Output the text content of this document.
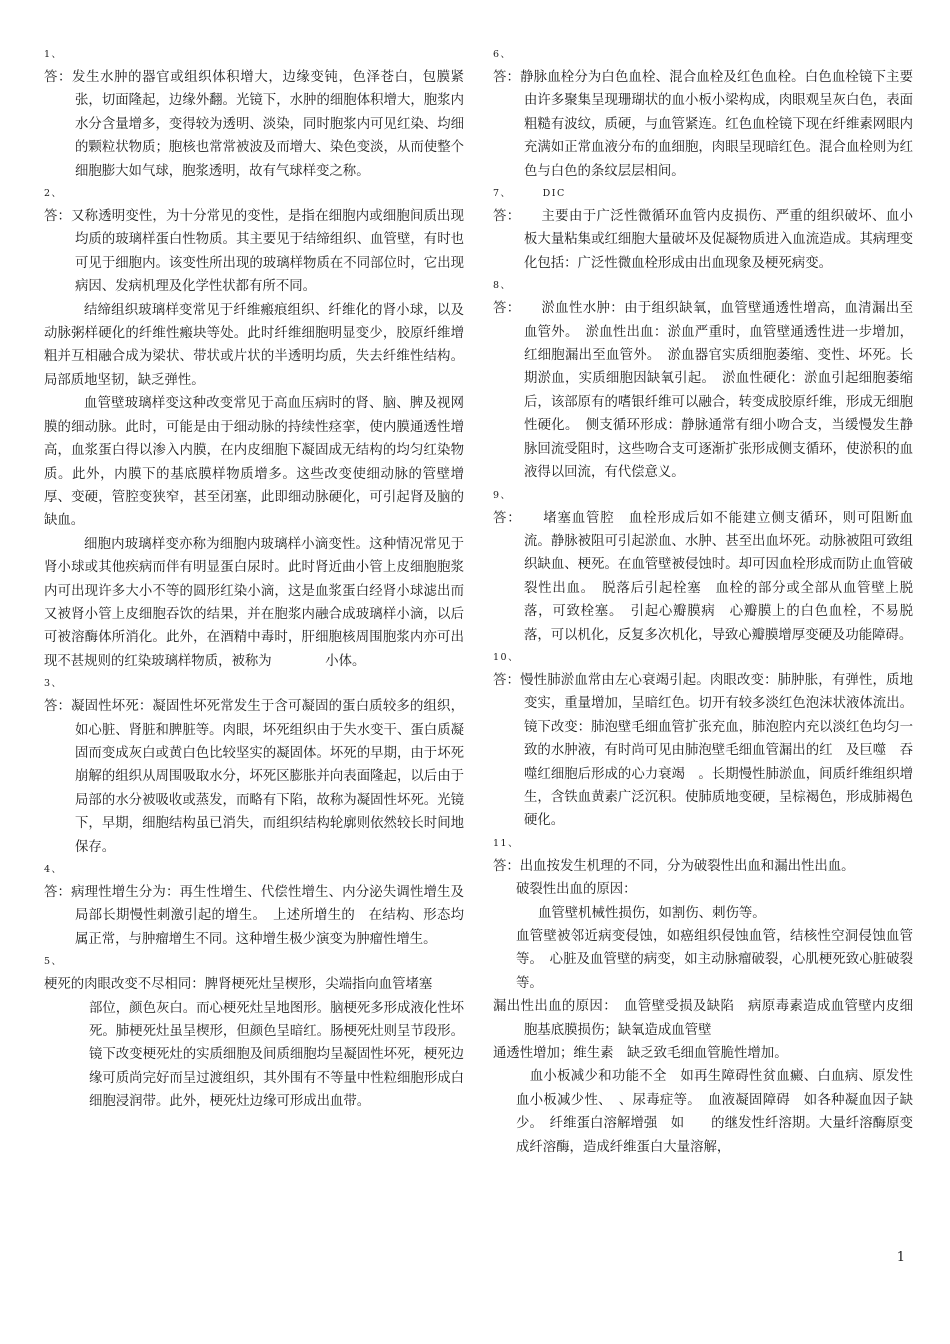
1、 　　　　　　　　　　

答：发生水肿的器官或组织体积增大，边缘变钝，色泽苍白，包膜紧张，切面隆起，边缘外翻。光镜下，水肿的细胞体积增大，胞浆内水分含量增多，变得较为透明、淡染，同时胞浆内可见红染、均细的颗粒状物质；胞核也常常被波及而增大、染色变淡，从而使整个细胞膨大如气球，胞浆透明，故有气球样变之称。

2、　　　　　　　　　　　　　　　　　　　　　　　　　　　

答：又称透明变性，为十分常见的变性，是指在细胞内或细胞间质出现均质的玻璃样蛋白性物质。其主要见于结缔组织、血管壁，有时也可见于细胞内。该变性所出现的玻璃样物质在不同部位时，它出现病因、发病机理及化学性状都有所不同。

结缔组织玻璃样变常见于纤维瘢痕组织、纤维化的肾小球，以及动脉粥样硬化的纤维性瘢块等处。此时纤维细胞明显变少，胶原纤维增粗并互相融合成为梁状、带状或片状的半透明均质，失去纤维性结构。局部质地坚韧，缺乏弹性。

血管壁玻璃样变这种改变常见于高血压病时的肾、脑、脾及视网膜的细动脉。此时，可能是由于细动脉的持续性痉挛，使内膜通透性增高，血浆蛋白得以渗入内膜，在内皮细胞下凝固成无结构的均匀红染物质。此外，内膜下的基底膜样物质增多。这些改变使细动脉的管壁增厚、变硬，管腔变狭窄，甚至闭塞，此即细动脉硬化，可引起肾及脑的缺血。

细胞内玻璃样变亦称为细胞内玻璃样小滴变性。这种情况常见于肾小球或其他疾病而伴有明显蛋白尿时。此时肾近曲小管上皮细胞胞浆内可出现许多大小不等的圆形红染小滴，这是血浆蛋白经肾小球滤出而又被肾小管上皮细胞吞饮的结果，并在胞浆内融合成玻璃样小滴，以后可被溶酶体所消化。此外，在酒精中毒时，肝细胞核周围胞浆内亦可出现不甚规则的红染玻璃样物质，被称为　　　　小体。

3、 　　　　　　　　　　　　　　　　　

答：凝固性坏死：凝固性坏死常发生于含可凝固的蛋白质较多的组织，如心脏、肾脏和脾脏等。肉眼，坏死组织由于失水变干、蛋白质凝固而变成灰白或黄白色比较坚实的凝固体。坏死的早期，由于坏死崩解的组织从周围吸取水分，坏死区膨胀并向表面隆起，以后由于局部的水分被吸收或蒸发，而略有下陷，故称为凝固性坏死。光镜下，早期，细胞结构虽已消失，而组织结构轮廓则依然较长时间地保存。

4、 　　　　　　　　　　　　　

答：病理性增生分为：再生性增生、代偿性增生、内分泌失调性增生及局部长期慢性刺激引起的增生。　上述所增生的　在结构、形态均属正常，与肿瘤增生不同。这种增生极少演变为肿瘤性增生。

5、 　　　　　　　　

梗死的肉眼改变不尽相同：脾肾梗死灶呈楔形，尖端指向血管堵塞

部位，颜色灰白。而心梗死灶呈地图形。脑梗死多形成液化性坏死。肺梗死灶虽呈楔形，但颜色呈暗红。肠梗死灶则呈节段形。镜下改变梗死灶的实质细胞及间质细胞均呈凝固性坏死，梗死边缘可质尚完好而呈过渡组织，其外围有不等量中性粒细胞形成白细胞浸润带。此外，梗死灶边缘可形成出血带。

6、 　　　　　　　　　　　　　　　

答：静脉血栓分为白色血栓、混合血栓及红色血栓。白色血栓镜下主要由许多聚集呈现珊瑚状的血小板小梁构成，肉眼观呈灰白色，表面粗糙有波纹，质硬，与血管紧连。红色血栓镜下现在纤维素网眼内充满如正常血液分布的血细胞，肉眼呈现暗红色。混合血栓则为红色与白色的条纹层层相间。

7、 　　 DIC　　　　　　　　　

答：　　主要由于广泛性微循环血管内皮损伤、严重的组织破坏、血小板大量粘集或红细胞大量破坏及促凝物质进入血流造成。其病理变化包括：广泛性微血栓形成由出血现象及梗死病变。

8、 　　　　　　　　　　　　　　　

答：　　淤血性水肿：由于组织缺氧，血管壁通透性增高，血清漏出至血管外。　淤血性出血：淤血严重时，血管壁通透性进一步增加，红细胞漏出至血管外。　淤血器官实质细胞萎缩、变性、坏死。长期淤血，实质细胞因缺氧引起。　淤血性硬化：淤血引起细胞萎缩后，该部原有的嗜银纤维可以融合，转变成胶原纤维，形成无细胞性硬化。　侧支循环形成：静脉通常有细小吻合支，当缓慢发生静脉回流受阻时，这些吻合支可逐渐扩张形成侧支循环，使淤积的血液得以回流，有代偿意义。

9、 　　　　　　　　　　　　　

答：　　堵塞血管腔　血栓形成后如不能建立侧支循环，则可阻断血流。静脉被阻可引起淤血、水肿、甚至出血坏死。动脉被阻可致组织缺血、梗死。在血管壁被侵蚀时。却可因血栓形成而防止血管破裂性出血。　脱落后引起栓塞　血栓的部分或全部从血管壁上脱落，可致栓塞。　引起心瓣膜病　心瓣膜上的白色血栓，不易脱落，可以机化，反复多次机化，导致心瓣膜增厚变硬及功能障碍。

10、 　　　　　　　　　　　　　　

答：慢性肺淤血常由左心衰竭引起。肉眼改变：肺肿胀，有弹性，质地变实，重量增加，呈暗红色。切开有较多淡红色泡沫状液体流出。镜下改变：肺泡壁毛细血管扩张充血，肺泡腔内充以淡红色均匀一致的水肿液，有时尚可见由肺泡壁毛细血管漏出的红　及巨噬　吞噬红细胞后形成的心力衰竭　。长期慢性肺淤血，间质纤维组织增生，含铁血黄素广泛沉积。使肺质地变硬，呈棕褐色，形成肺褐色硬化。

11、 　　　　　　　　　

答：出血按发生机理的不同，分为破裂性出血和漏出性出血。

破裂性出血的原因：

血管壁机械性损伤，如割伤、刺伤等。

血管壁被邻近病变侵蚀，如癌组织侵蚀血管，结核性空洞侵蚀血管等。　心脏及血管壁的病变，如主动脉瘤破裂，心肌梗死致心脏破裂等。

漏出性出血的原因：　血管壁受损及缺陷　病原毒素造成血管壁内皮细胞基底膜损伤；缺氧造成血管壁

通透性增加；维生素　缺乏致毛细血管脆性增加。

　血小板减少和功能不全　如再生障碍性贫血癜、白血病、原发性血小板减少性、　、尿毒症等。　血液凝固障碍　如各种凝血因子缺少。　纤维蛋白溶解增强　如　　的继发性纤溶期。大量纤溶酶原变成纤溶酶，造成纤维蛋白大量溶解，

1
